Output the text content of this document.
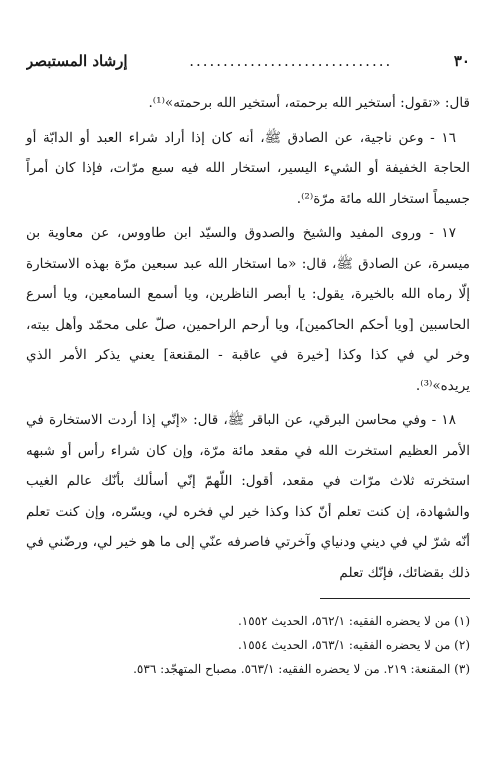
٣٠
..............................
إرشاد المستبصر

قال: «تقول: أستخير الله برحمته، أستخير الله برحمته»⁽¹⁾.

١٦ - وعن ناجية، عن الصادق ﷺ، أنه كان إذا أراد شراء العبد أو الدابّة أو الحاجة الخفيفة أو الشيء اليسير، استخار الله فيه سبع مرّات، فإذا كان أمراً جسيماً استخار الله مائة مرّة⁽²⁾.

١٧ - وروى المفيد والشيخ والصدوق والسيّد ابن طاووس، عن معاوية بن ميسرة، عن الصادق ﷺ، قال: «ما استخار الله عبد سبعين مرّة بهذه الاستخارة إلّا رماه الله بالخيرة، يقول: يا أبصر الناظرين، ويا أسمع السامعين، ويا أسرع الحاسبين [ويا أحكم الحاكمين]، ويا أرحم الراحمين، صلّ على محمّد وأهل بيته، وخر لي في كذا وكذا [خيرة في عاقبة - المقنعة] يعني يذكر الأمر الذي يريده»⁽³⁾.

١٨ - وفي محاسن البرقي، عن الباقر ﷺ، قال: «إنّي إذا أردت الاستخارة في الأمر العظيم استخرت الله في مقعد مائة مرّة، وإن كان شراء رأس أو شبهه استخرته ثلاث مرّات في مقعد، أقول: اللّهمّ إنّي أسألك بأنّك عالم الغيب والشهادة، إن كنت تعلم أنّ كذا وكذا خير لي فخره لي، ويسّره، وإن كنت تعلم أنّه شرّ لي في ديني ودنياي وآخرتي فاصرفه عنّي إلى ما هو خير لي، ورضّني في ذلك بقضائك، فإنّك تعلم

(١) من لا يحضره الفقيه: ٥٦٢/١، الحديث ١٥٥٢.

(٢) من لا يحضره الفقيه: ٥٦٣/١، الحديث ١٥٥٤.

(٣) المقنعة: ٢١٩. من لا يحضره الفقيه: ٥٦٣/١. مصباح المتهجّد: ٥٣٦.
